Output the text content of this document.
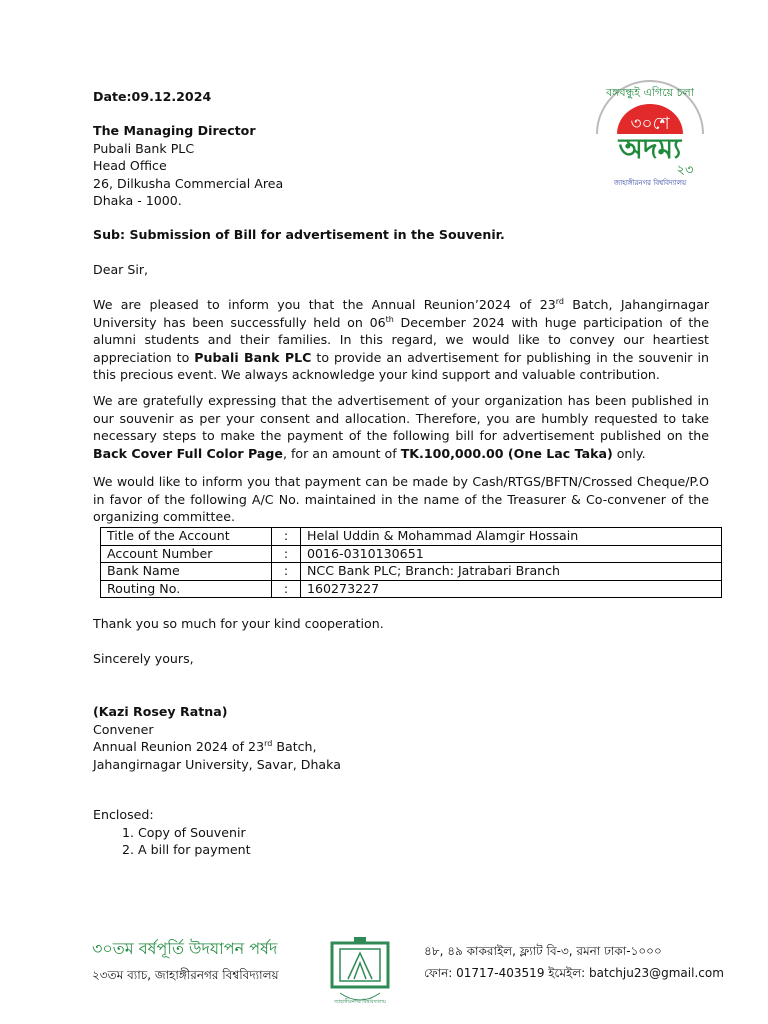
বঙ্গবন্ধুই এগিয়ে চলা
৩০শে
অদম্য
২৩
জাহাঙ্গীরনগর বিশ্ববিদ্যালয়
Date:09.12.2024
The Managing Director
Pubali Bank PLC
Head Office
26, Dilkusha Commercial Area
Dhaka - 1000.
Sub: Submission of Bill for advertisement in the Souvenir.
Dear Sir,

We are pleased to inform you that the Annual Reunion’2024 of 23rd Batch, Jahangirnagar University has been successfully held on 06th December 2024 with huge participation of the alumni students and their families. In this regard, we would like to convey our heartiest appreciation to Pubali Bank PLC to provide an advertisement for publishing in the souvenir in this precious event. We always acknowledge your kind support and valuable contribution.

We are gratefully expressing that the advertisement of your organization has been published in our souvenir as per your consent and allocation. Therefore, you are humbly requested to take necessary steps to make the payment of the following bill for advertisement published on the Back Cover Full Color Page, for an amount of TK.100,000.00 (One Lac Taka) only.

We would like to inform you that payment can be made by Cash/RTGS/BFTN/Crossed Cheque/P.O in favor of the following A/C No. maintained in the name of the Treasurer & Co-convener of the organizing committee.

Title of the Account	:	Helal Uddin & Mohammad Alamgir Hossain
Account Number	:	0016-0310130651
Bank Name	:	NCC Bank PLC; Branch: Jatrabari Branch
Routing No.	:	160273227
Thank you so much for your kind cooperation.
Sincerely yours,
(Kazi Rosey Ratna)
Convener
Annual Reunion 2024 of 23rd Batch,
Jahangirnagar University, Savar, Dhaka
Enclosed:
1. Copy of Souvenir
2. A bill for payment
৩০তম বর্ষপূর্তি উদযাপন পর্ষদ
২৩তম ব্যাচ, জাহাঙ্গীরনগর বিশ্ববিদ্যালয়
জাহাঙ্গীরনগর বিশ্ববিদ্যালয়
৪৮, ৪৯ কাকরাইল, ফ্ল্যাট বি-৩, রমনা ঢাকা-১০০০
ফোন: 01717-403519 ইমেইল: batchju23@gmail.com
